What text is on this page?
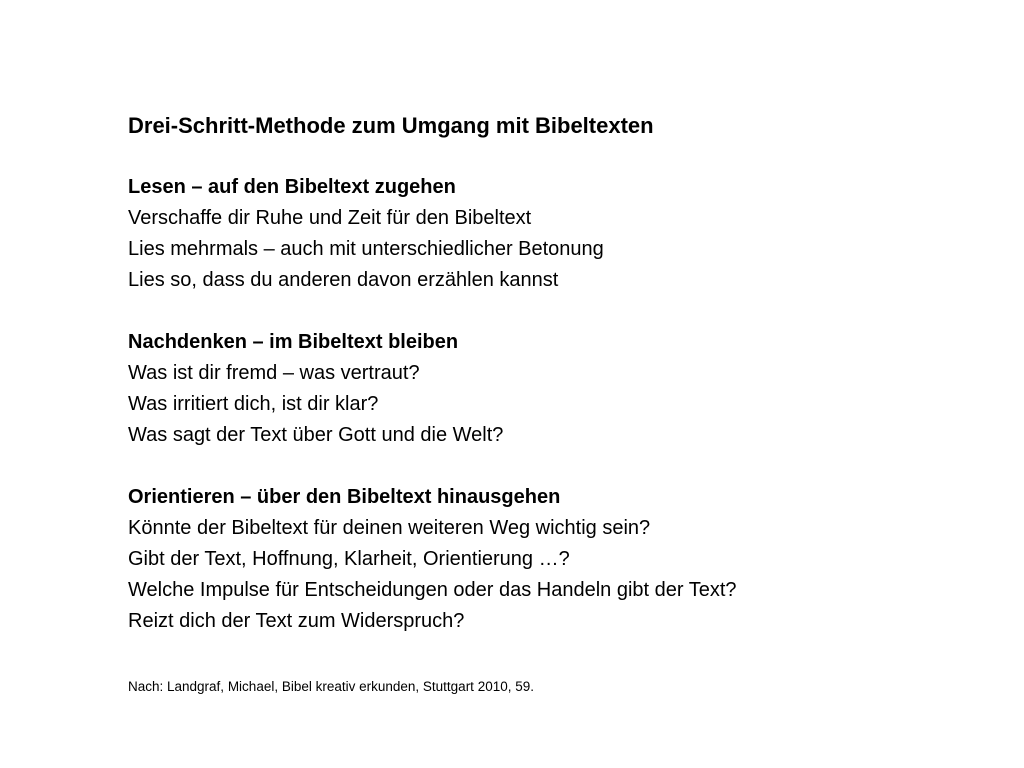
Drei-Schritt-Methode zum Umgang mit Bibeltexten

Lesen – auf den Bibeltext zugehen

Verschaffe dir Ruhe und Zeit für den Bibeltext

Lies mehrmals – auch mit unterschiedlicher Betonung

Lies so, dass du anderen davon erzählen kannst

Nachdenken – im Bibeltext bleiben

Was ist dir fremd – was vertraut?

Was irritiert dich, ist dir klar?

Was sagt der Text über Gott und die Welt?

Orientieren – über den Bibeltext hinausgehen

Könnte der Bibeltext für deinen weiteren Weg wichtig sein?

Gibt der Text, Hoffnung, Klarheit, Orientierung …?

Welche Impulse für Entscheidungen oder das Handeln gibt der Text?

Reizt dich der Text zum Widerspruch?

Nach: Landgraf, Michael, Bibel kreativ erkunden, Stuttgart 2010, 59.
